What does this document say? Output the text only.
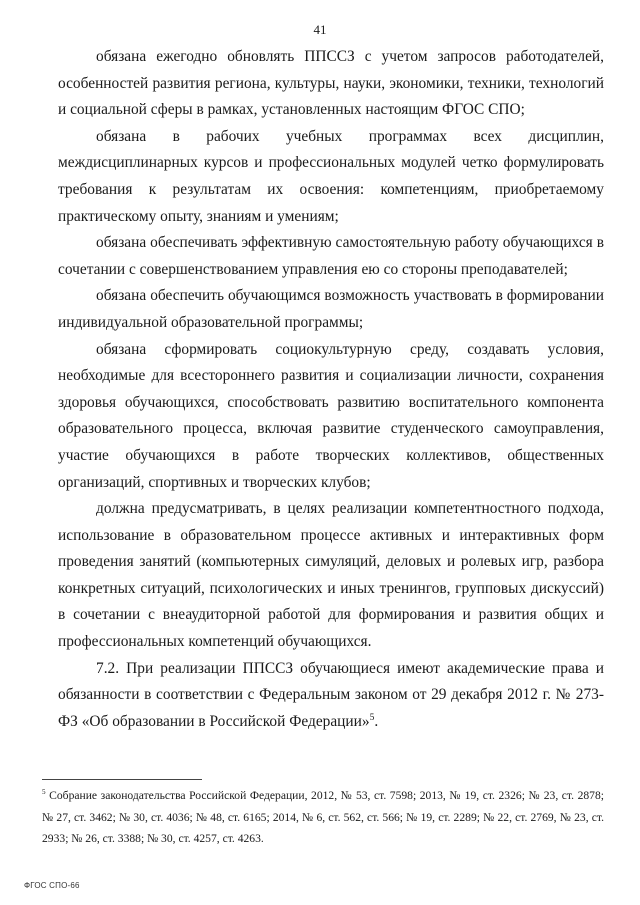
41

обязана ежегодно обновлять ППССЗ с учетом запросов работодателей, особенностей развития региона, культуры, науки, экономики, техники, технологий и социальной сферы в рамках, установленных настоящим ФГОС СПО;

обязана в рабочих учебных программах всех дисциплин, междисциплинарных курсов и профессиональных модулей четко формулировать требования к результатам их освоения: компетенциям, приобретаемому практическому опыту, знаниям и умениям;

обязана обеспечивать эффективную самостоятельную работу обучающихся в сочетании с совершенствованием управления ею со стороны преподавателей;

обязана обеспечить обучающимся возможность участвовать в формировании индивидуальной образовательной программы;

обязана сформировать социокультурную среду, создавать условия, необходимые для всестороннего развития и социализации личности, сохранения здоровья обучающихся, способствовать развитию воспитательного компонента образовательного процесса, включая развитие студенческого самоуправления, участие обучающихся в работе творческих коллективов, общественных организаций, спортивных и творческих клубов;

должна предусматривать, в целях реализации компетентностного подхода, использование в образовательном процессе активных и интерактивных форм проведения занятий (компьютерных симуляций, деловых и ролевых игр, разбора конкретных ситуаций, психологических и иных тренингов, групповых дискуссий) в сочетании с внеаудиторной работой для формирования и развития общих и профессиональных компетенций обучающихся.

7.2. При реализации ППССЗ обучающиеся имеют академические права и обязанности в соответствии с Федеральным законом от 29 декабря 2012 г. № 273-ФЗ «Об образовании в Российской Федерации»$^5$.

$^5$ Собрание законодательства Российской Федерации, 2012, № 53, ст. 7598; 2013, № 19, ст. 2326; № 23, ст. 2878; № 27, ст. 3462; № 30, ст. 4036; № 48, ст. 6165; 2014, № 6, ст. 562, ст. 566; № 19, ст. 2289; № 22, ст. 2769, № 23, ст. 2933; № 26, ст. 3388; № 30, ст. 4257, ст. 4263.
ФГОС СПО-66
